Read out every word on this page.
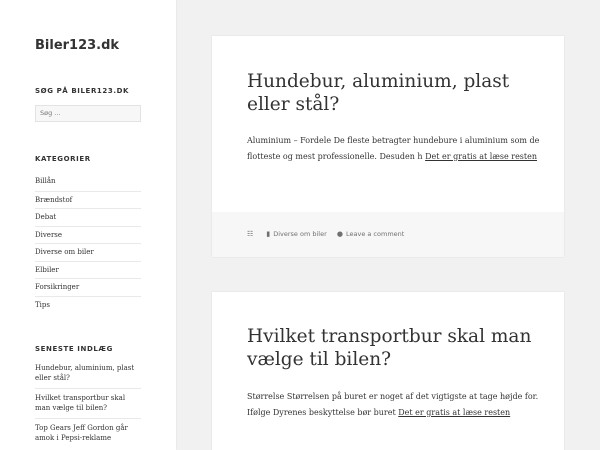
Biler123.dk
SØG PÅ BILER123.DK
Søg ...
KATEGORIER
Billån
Brændstof
Debat
Diverse
Diverse om biler
Elbiler
Forsikringer
Tips
SENESTE INDLÆG
Hundebur, aluminium, plast eller stål?
Hvilket transportbur skal man vælge til bilen?
Top Gears Jeff Gordon går amok i Pepsi-reklame
Hundebur, aluminium, plast eller stål?

Aluminium – Fordele De fleste betragter hundebure i aluminium som de flotteste og mest professionelle. Desuden h Det er gratis at læse resten

☷ ▮ Diverse om biler ● Leave a comment
Hvilket transportbur skal man vælge til bilen?

Størrelse Størrelsen på buret er noget af det vigtigste at tage højde for. Ifølge Dyrenes beskyttelse bør buret Det er gratis at læse resten
